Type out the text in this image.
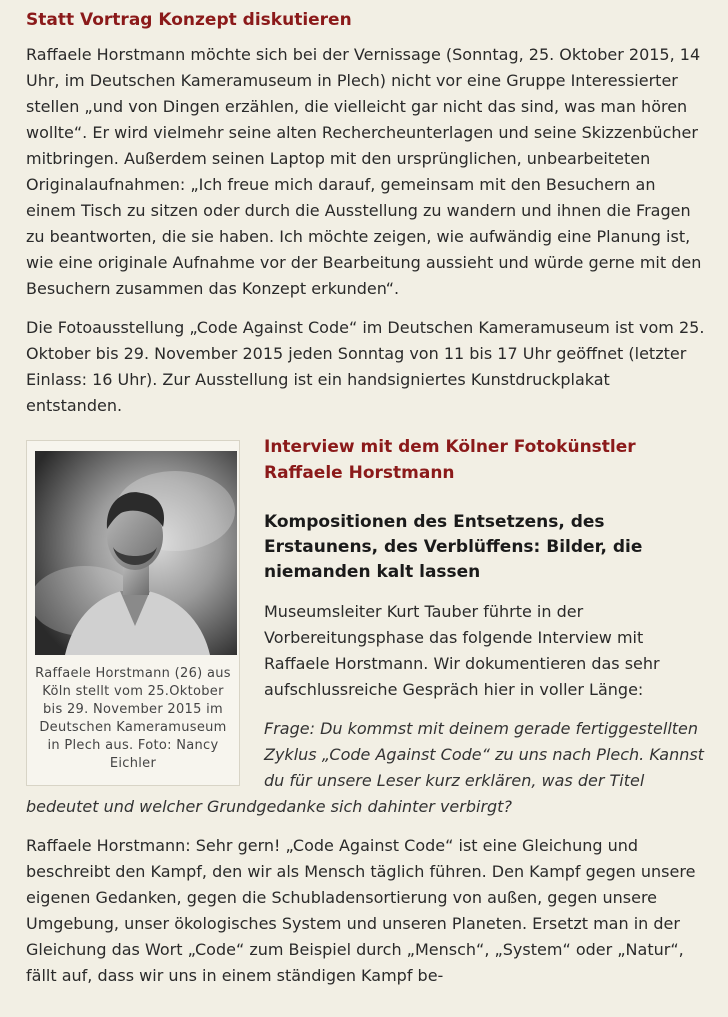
Statt Vortrag Konzept diskutieren

Raffaele Horstmann möchte sich bei der Vernissage (Sonntag, 25. Oktober 2015, 14 Uhr, im Deutschen Kameramuseum in Plech) nicht vor eine Gruppe Interessierter stellen „und von Dingen erzählen, die vielleicht gar nicht das sind, was man hören wollte“. Er wird vielmehr seine alten Rechercheunterlagen und seine Skizzenbücher mitbringen. Außerdem seinen Laptop mit den ursprünglichen, unbearbeiteten Originalaufnahmen: „Ich freue mich darauf, gemeinsam mit den Besuchern an einem Tisch zu sitzen oder durch die Ausstellung zu wandern und ihnen die Fragen zu beantworten, die sie haben. Ich möchte zeigen, wie aufwändig eine Planung ist, wie eine originale Aufnahme vor der Bearbeitung aussieht und würde gerne mit den Besuchern zusammen das Konzept erkunden“.

Die Fotoausstellung „Code Against Code“ im Deutschen Kameramuseum ist vom 25. Oktober bis 29. November 2015 jeden Sonntag von 11 bis 17 Uhr geöffnet (letzter Einlass: 16 Uhr). Zur Ausstellung ist ein handsigniertes Kunstdruckplakat entstanden.

Raffaele Horstmann (26) aus Köln stellt vom 25.Oktober bis 29. November 2015 im Deutschen Kameramuseum in Plech aus. Foto: Nancy Eichler
Interview mit dem Kölner Fotokünstler Raffaele Horstmann
Kompositionen des Entsetzens, des Erstaunens, des Verblüffens: Bilder, die niemanden kalt lassen

Museumsleiter Kurt Tauber führte in der Vorbereitungsphase das folgende Interview mit Raffaele Horstmann. Wir dokumentieren das sehr aufschlussreiche Gespräch hier in voller Länge:

Frage: Du kommst mit deinem gerade fertiggestellten Zyklus „Code Against Code“ zu uns nach Plech. Kannst du für unsere Leser kurz erklären, was der Titel bedeutet und welcher Grundgedanke sich dahinter verbirgt?

Raffaele Horstmann: Sehr gern! „Code Against Code“ ist eine Gleichung und beschreibt den Kampf, den wir als Mensch täglich führen. Den Kampf gegen unsere eigenen Gedanken, gegen die Schubladensortierung von außen, gegen unsere Umgebung, unser ökologisches System und unseren Planeten. Ersetzt man in der Gleichung das Wort „Code“ zum Beispiel durch „Mensch“, „System“ oder „Natur“, fällt auf, dass wir uns in einem ständigen Kampf be-
